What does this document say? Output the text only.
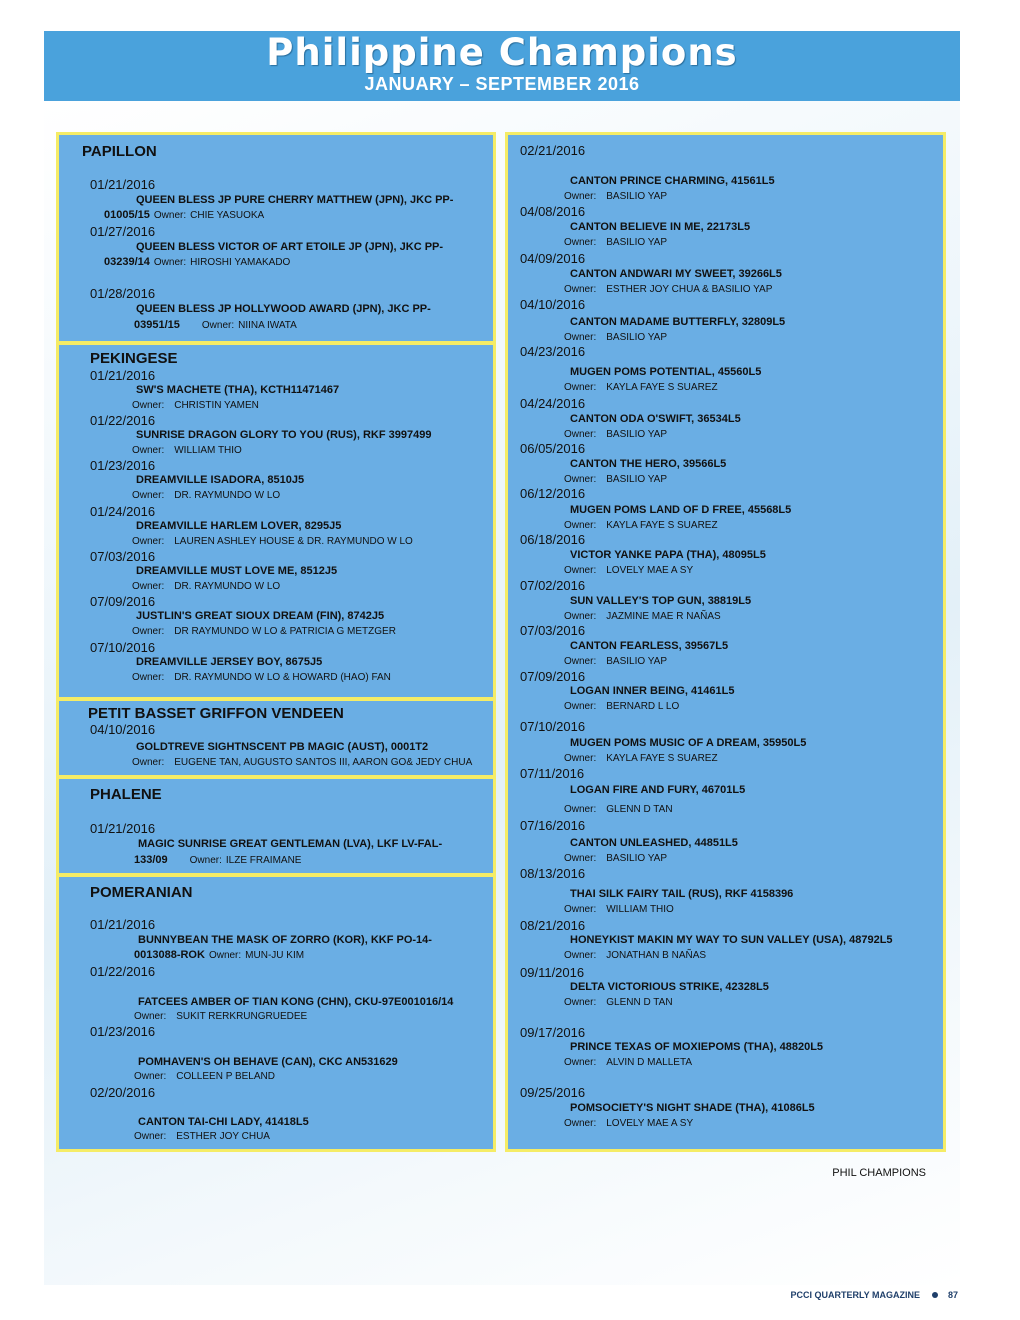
Philippine Champions
JANUARY – SEPTEMBER 2016
PAPILLON
01/21/2016
QUEEN BLESS JP PURE CHERRY MATTHEW (JPN), JKC PP-
01005/15 Owner: CHIE YASUOKA
01/27/2016
QUEEN BLESS VICTOR OF ART ETOILE JP (JPN), JKC PP-
03239/14 Owner: HIROSHI YAMAKADO
01/28/2016
QUEEN BLESS JP HOLLYWOOD AWARD (JPN), JKC PP-
03951/15 Owner: NIINA IWATA
PEKINGESE
01/21/2016
SW'S MACHETE (THA), KCTH11471467
Owner: CHRISTIN YAMEN
01/22/2016
SUNRISE DRAGON GLORY TO YOU (RUS), RKF 3997499
Owner: WILLIAM THIO
01/23/2016
DREAMVILLE ISADORA, 8510J5
Owner: DR. RAYMUNDO W LO
01/24/2016
DREAMVILLE HARLEM LOVER, 8295J5
Owner: LAUREN ASHLEY HOUSE & DR. RAYMUNDO W LO
07/03/2016
DREAMVILLE MUST LOVE ME, 8512J5
Owner: DR. RAYMUNDO W LO
07/09/2016
JUSTLIN'S GREAT SIOUX DREAM (FIN), 8742J5
Owner: DR RAYMUNDO W LO & PATRICIA G METZGER
07/10/2016
DREAMVILLE JERSEY BOY, 8675J5
Owner: DR. RAYMUNDO W LO & HOWARD (HAO) FAN
PETIT BASSET GRIFFON VENDEEN
04/10/2016
GOLDTREVE SIGHTNSCENT PB MAGIC (AUST), 0001T2
Owner: EUGENE TAN, AUGUSTO SANTOS III, AARON GO& JEDY CHUA
PHALENE
01/21/2016
MAGIC SUNRISE GREAT GENTLEMAN (LVA), LKF LV-FAL-
133/09 Owner: ILZE FRAIMANE
POMERANIAN
01/21/2016
BUNNYBEAN THE MASK OF ZORRO (KOR), KKF PO-14-
0013088-ROK Owner: MUN-JU KIM
01/22/2016
FATCEES AMBER OF TIAN KONG (CHN), CKU-97E001016/14
Owner: SUKIT RERKRUNGRUEDEE
01/23/2016
POMHAVEN'S OH BEHAVE (CAN), CKC AN531629
Owner: COLLEEN P BELAND
02/20/2016
CANTON TAI-CHI LADY, 41418L5
Owner: ESTHER JOY CHUA
02/21/2016
CANTON PRINCE CHARMING, 41561L5
Owner: BASILIO YAP
04/08/2016
CANTON BELIEVE IN ME, 22173L5
Owner: BASILIO YAP
04/09/2016
CANTON ANDWARI MY SWEET, 39266L5
Owner: ESTHER JOY CHUA & BASILIO YAP
04/10/2016
CANTON MADAME BUTTERFLY, 32809L5
Owner: BASILIO YAP
04/23/2016
MUGEN POMS POTENTIAL, 45560L5
Owner: KAYLA FAYE S SUAREZ
04/24/2016
CANTON ODA O'SWIFT, 36534L5
Owner: BASILIO YAP
06/05/2016
CANTON THE HERO, 39566L5
Owner: BASILIO YAP
06/12/2016
MUGEN POMS LAND OF D FREE, 45568L5
Owner: KAYLA FAYE S SUAREZ
06/18/2016
VICTOR YANKE PAPA (THA), 48095L5
Owner: LOVELY MAE A SY
07/02/2016
SUN VALLEY'S TOP GUN, 38819L5
Owner: JAZMINE MAE R NAÑAS
07/03/2016
CANTON FEARLESS, 39567L5
Owner: BASILIO YAP
07/09/2016
LOGAN INNER BEING, 41461L5
Owner: BERNARD L LO
07/10/2016
MUGEN POMS MUSIC OF A DREAM, 35950L5
Owner: KAYLA FAYE S SUAREZ
07/11/2016
LOGAN FIRE AND FURY, 46701L5
Owner: GLENN D TAN
07/16/2016
CANTON UNLEASHED, 44851L5
Owner: BASILIO YAP
08/13/2016
THAI SILK FAIRY TAIL (RUS), RKF 4158396
Owner: WILLIAM THIO
08/21/2016
HONEYKIST MAKIN MY WAY TO SUN VALLEY (USA), 48792L5
Owner: JONATHAN B NAÑAS
09/11/2016
DELTA VICTORIOUS STRIKE, 42328L5
Owner: GLENN D TAN
09/17/2016
PRINCE TEXAS OF MOXIEPOMS (THA), 48820L5
Owner: ALVIN D MALLETA
09/25/2016
POMSOCIETY'S NIGHT SHADE (THA), 41086L5
Owner: LOVELY MAE A SY
PHIL CHAMPIONS
PCCI QUARTERLY MAGAZINE	87
